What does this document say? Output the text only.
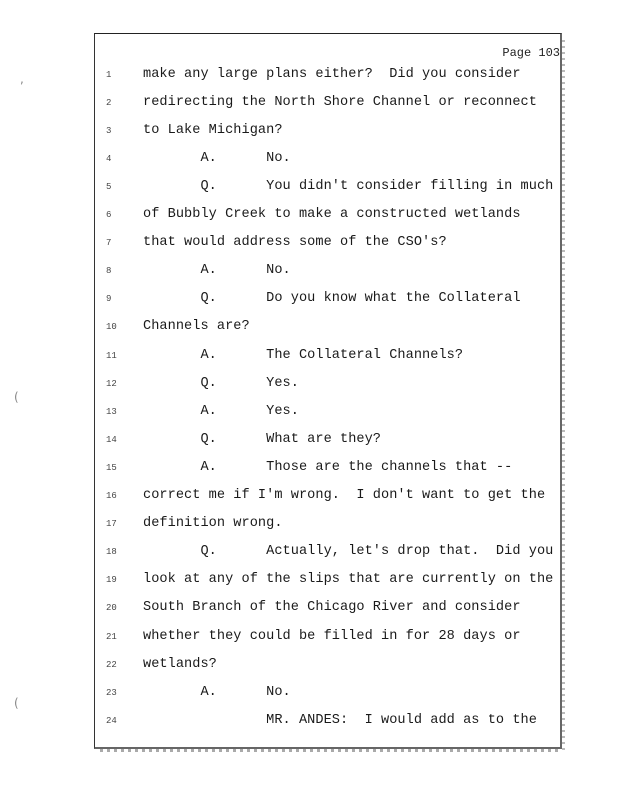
,
(
(
Page 103
1	make any large plans either?  Did you consider
2	redirecting the North Shore Channel or reconnect
3	to Lake Michigan?
4	A.      No.
5	Q.      You didn't consider filling in much
6	of Bubbly Creek to make a constructed wetlands
7	that would address some of the CSO's?
8	A.      No.
9	Q.      Do you know what the Collateral
10	Channels are?
11	A.      The Collateral Channels?
12	Q.      Yes.
13	A.      Yes.
14	Q.      What are they?
15	A.      Those are the channels that --
16	correct me if I'm wrong.  I don't want to get the
17	definition wrong.
18	Q.      Actually, let's drop that.  Did you
19	look at any of the slips that are currently on the
20	South Branch of the Chicago River and consider
21	whether they could be filled in for 28 days or
22	wetlands?
23	A.      No.
24	MR. ANDES:  I would add as to the
